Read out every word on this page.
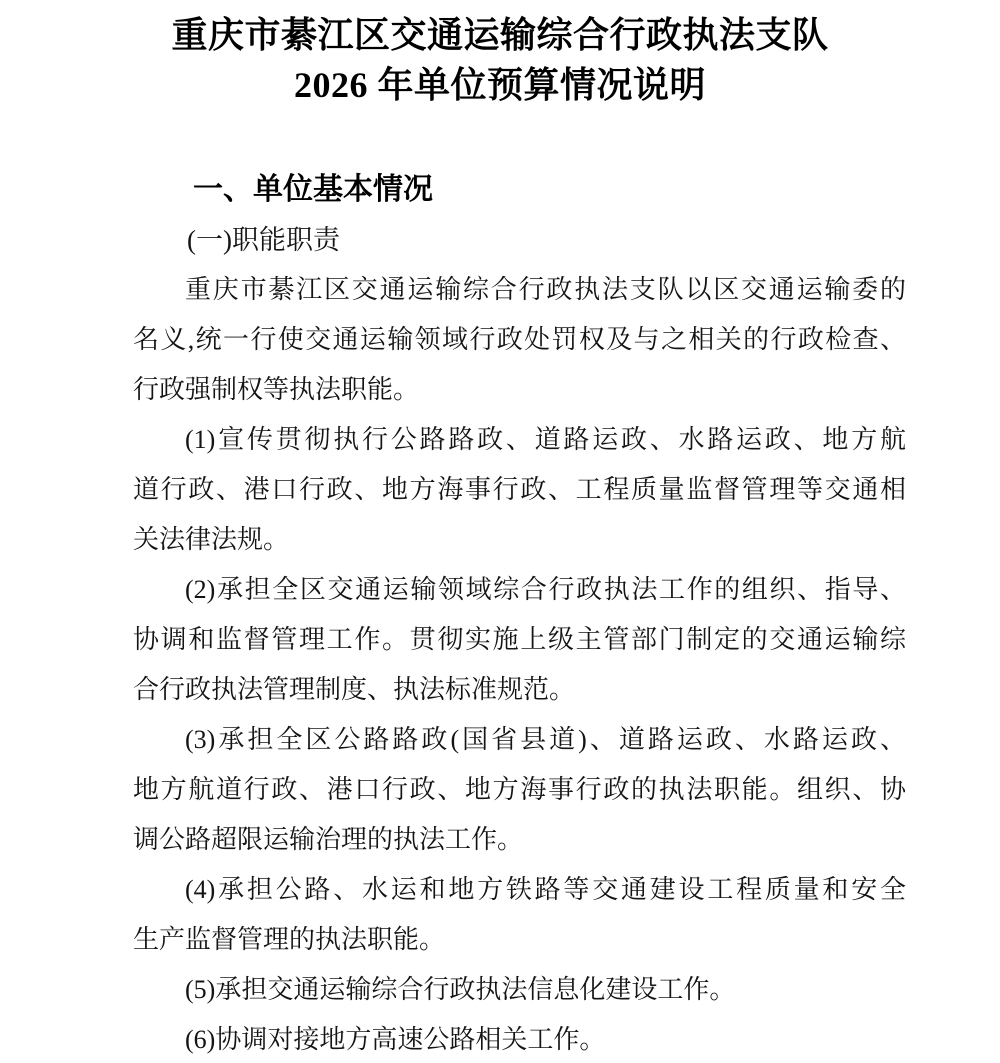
重庆市綦江区交通运输综合行政执法支队
2026 年单位预算情况说明
一、单位基本情况
(一)职能职责
重庆市綦江区交通运输综合行政执法支队以区交通运输委的
名义,统一行使交通运输领域行政处罚权及与之相关的行政检查、
行政强制权等执法职能。
(1)宣传贯彻执行公路路政、道路运政、水路运政、地方航
道行政、港口行政、地方海事行政、工程质量监督管理等交通相
关法律法规。
(2)承担全区交通运输领域综合行政执法工作的组织、指导、
协调和监督管理工作。贯彻实施上级主管部门制定的交通运输综
合行政执法管理制度、执法标准规范。
(3)承担全区公路路政(国省县道)、道路运政、水路运政、
地方航道行政、港口行政、地方海事行政的执法职能。组织、协
调公路超限运输治理的执法工作。
(4)承担公路、水运和地方铁路等交通建设工程质量和安全
生产监督管理的执法职能。
(5)承担交通运输综合行政执法信息化建设工作。
(6)协调对接地方高速公路相关工作。
